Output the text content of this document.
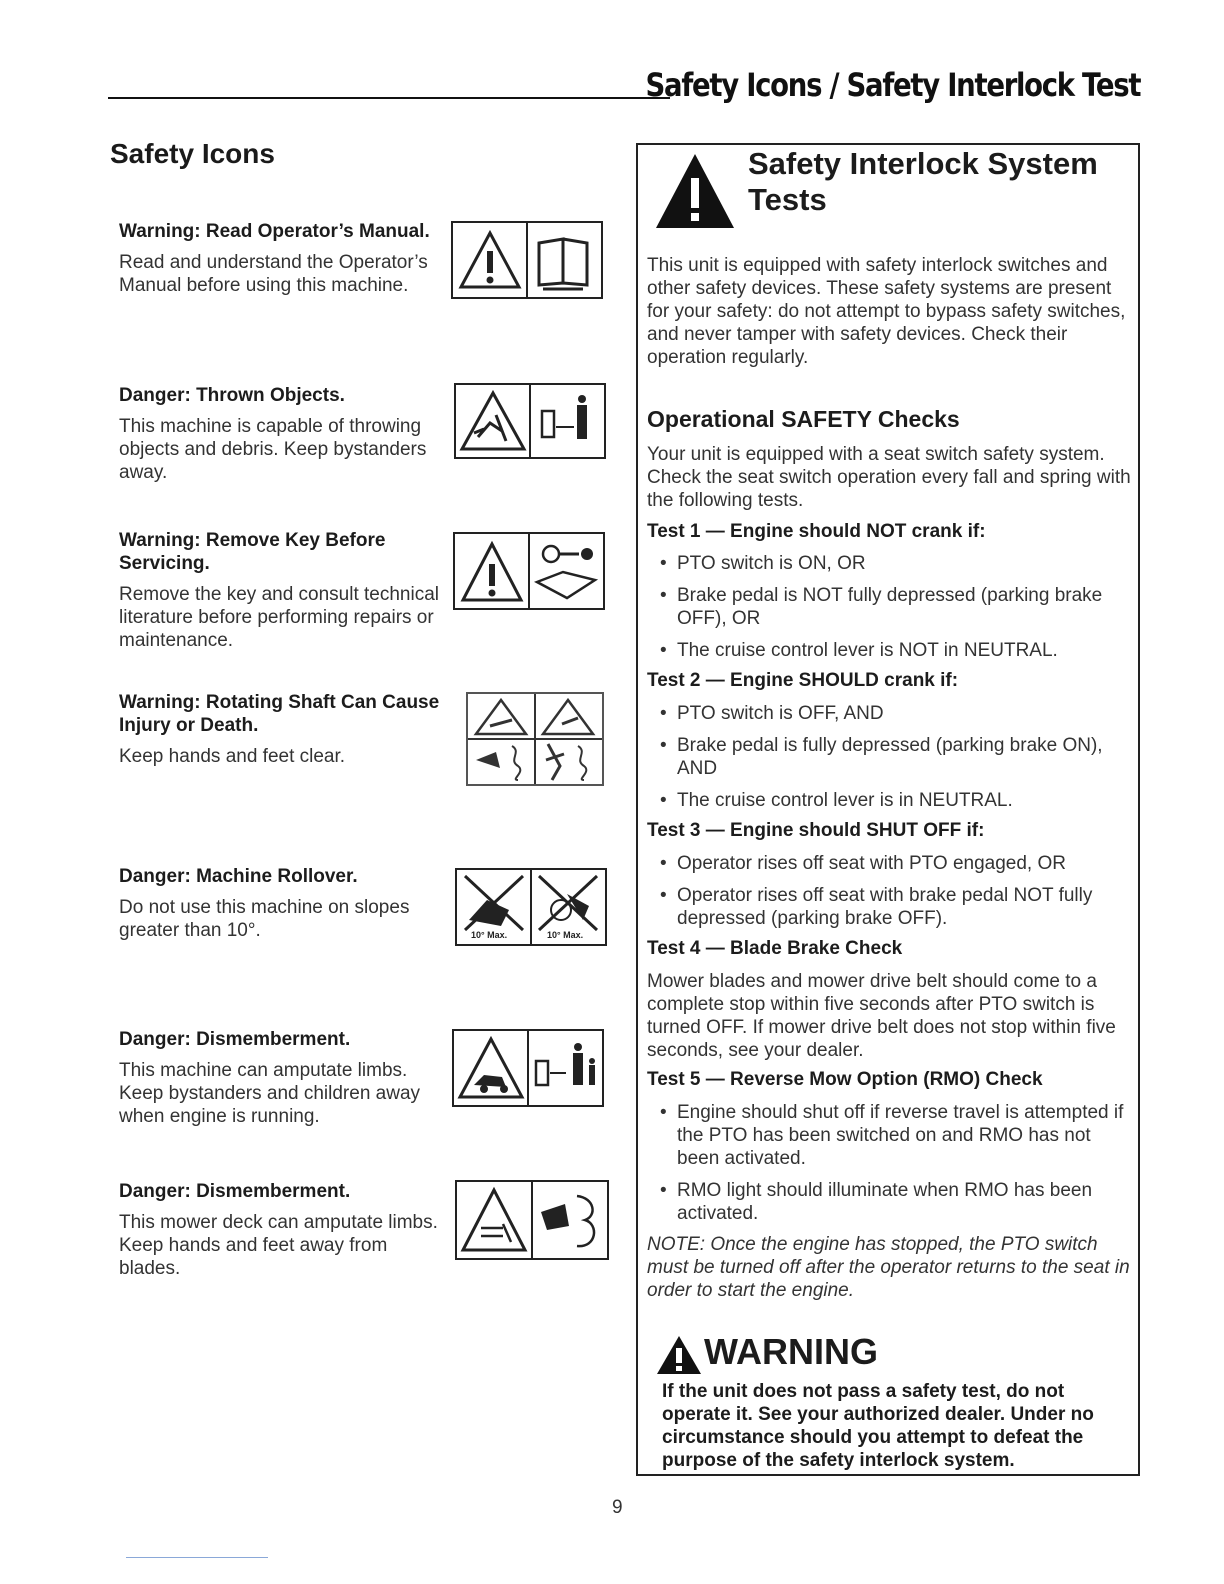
Safety Icons / Safety Interlock Test
Safety Icons

Warning: Read Operator’s Manual.

Read and understand the Operator’s Manual before using this machine.

Danger: Thrown Objects.

This machine is capable of throwing objects and debris. Keep bystanders away.

Warning: Remove Key Before Servicing.

Remove the key and consult technical literature before performing repairs or maintenance.

Warning: Rotating Shaft Can Cause Injury or Death.

Keep hands and feet clear.

Danger: Machine Rollover.

Do not use this machine on slopes greater than 10°.	10° Max.	10° Max.

Danger: Dismemberment.

This machine can amputate limbs. Keep bystanders and children away when engine is running.

Danger: Dismemberment.

This mower deck can amputate limbs. Keep hands and feet away from blades.

Safety Interlock System Tests
This unit is equipped with safety interlock switches and other safety devices. These safety systems are present for your safety: do not attempt to bypass safety switches, and never tamper with safety devices. Check their operation regularly.
Operational SAFETY Checks
Your unit is equipped with a seat switch safety system. Check the seat switch operation every fall and spring with the following tests.
Test 1 — Engine should NOT crank if:
• PTO switch is ON, OR
• Brake pedal is NOT fully depressed (parking brake OFF), OR
• The cruise control lever is NOT in NEUTRAL.
Test 2 — Engine SHOULD crank if:
• PTO switch is OFF, AND
• Brake pedal is fully depressed (parking brake ON), AND
• The cruise control lever is in NEUTRAL.
Test 3 — Engine should SHUT OFF if:
• Operator rises off seat with PTO engaged, OR
• Operator rises off seat with brake pedal NOT fully depressed (parking brake OFF).
Test 4 — Blade Brake Check
Mower blades and mower drive belt should come to a complete stop within five seconds after PTO switch is turned OFF. If mower drive belt does not stop within five seconds, see your dealer.
Test 5 — Reverse Mow Option (RMO) Check
• Engine should shut off if reverse travel is attempted if the PTO has been switched on and RMO has not been activated.
• RMO light should illuminate when RMO has been activated.
NOTE: Once the engine has stopped, the PTO switch must be turned off after the operator returns to the seat in order to start the engine.
WARNING
If the unit does not pass a safety test, do not operate it. See your authorized dealer. Under no circumstance should you attempt to defeat the purpose of the safety interlock system.
9
